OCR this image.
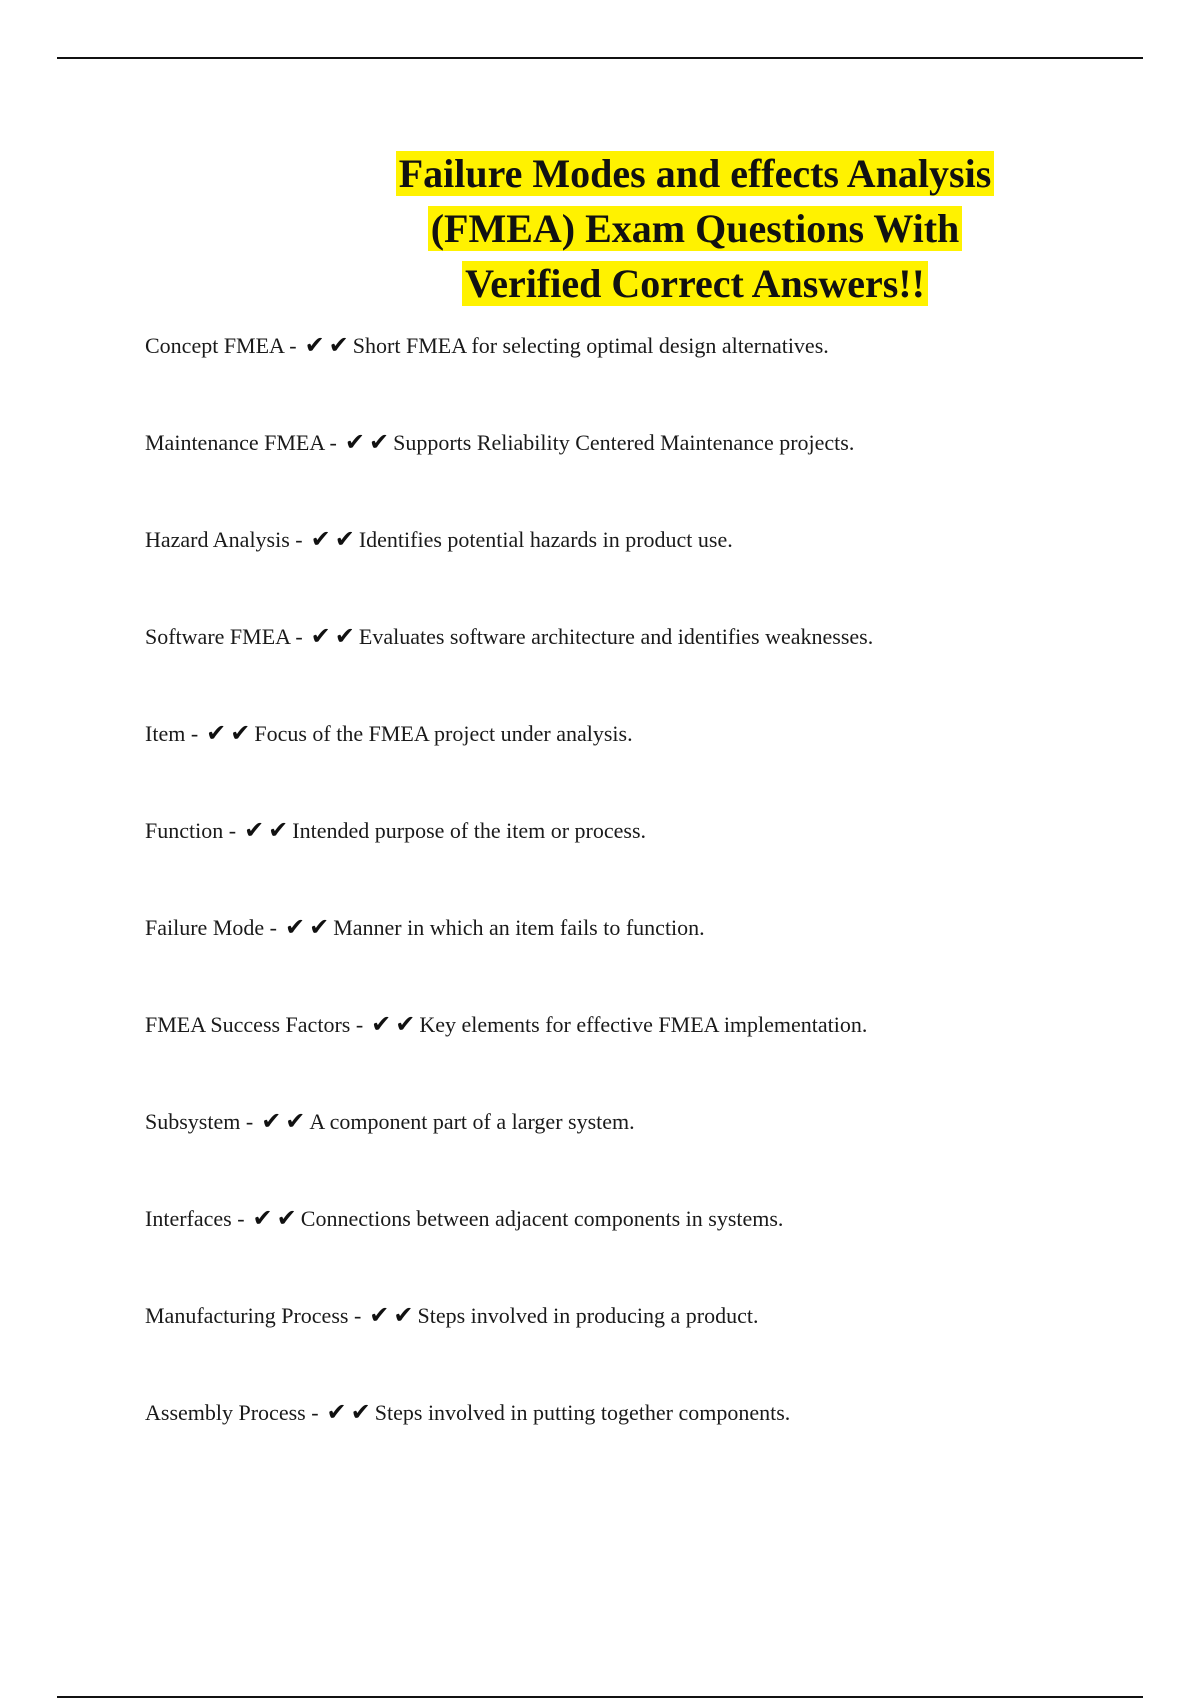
Failure Modes and effects Analysis
(FMEA) Exam Questions With
Verified Correct Answers!!
Concept FMEA - ✔✔Short FMEA for selecting optimal design alternatives.
Maintenance FMEA - ✔✔Supports Reliability Centered Maintenance projects.
Hazard Analysis - ✔✔Identifies potential hazards in product use.
Software FMEA - ✔✔Evaluates software architecture and identifies weaknesses.
Item - ✔✔Focus of the FMEA project under analysis.
Function - ✔✔Intended purpose of the item or process.
Failure Mode - ✔✔Manner in which an item fails to function.
FMEA Success Factors - ✔✔Key elements for effective FMEA implementation.
Subsystem - ✔✔A component part of a larger system.
Interfaces - ✔✔Connections between adjacent components in systems.
Manufacturing Process - ✔✔Steps involved in producing a product.
Assembly Process - ✔✔Steps involved in putting together components.
